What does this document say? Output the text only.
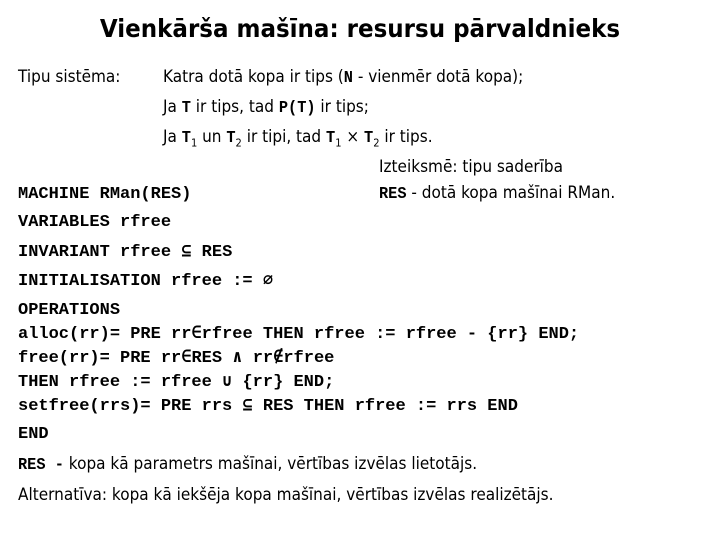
Vienkārša mašīna: resursu pārvaldnieks
Tipu sistēma:	Katra dotā kopa ir tips (N - vienmēr dotā kopa);
Ja T ir tips, tad P(T) ir tips;
Ja $T_1$ un $T_2$ ir tipi, tad $T_1 \times T_2$ ir tips.
Izteiksmē: tipu saderība
RES - dotā kopa mašīnai RMan.
MACHINE RMan(RES)
VARIABLES rfree
INVARIANT rfree ⊆ RES
INITIALISATION rfree := ∅
OPERATIONS
alloc(rr)= PRE rr∈rfree THEN rfree := rfree - {rr} END;
free(rr)= PRE rr∈RES ∧ rr∉rfree
THEN rfree := rfree ∪ {rr} END;
setfree(rrs)= PRE rrs ⊆ RES THEN rfree := rrs END
END
RES - kopa kā parametrs mašīnai, vērtības izvēlas lietotājs.
Alternatīva: kopa kā iekšēja kopa mašīnai, vērtības izvēlas realizētājs.
